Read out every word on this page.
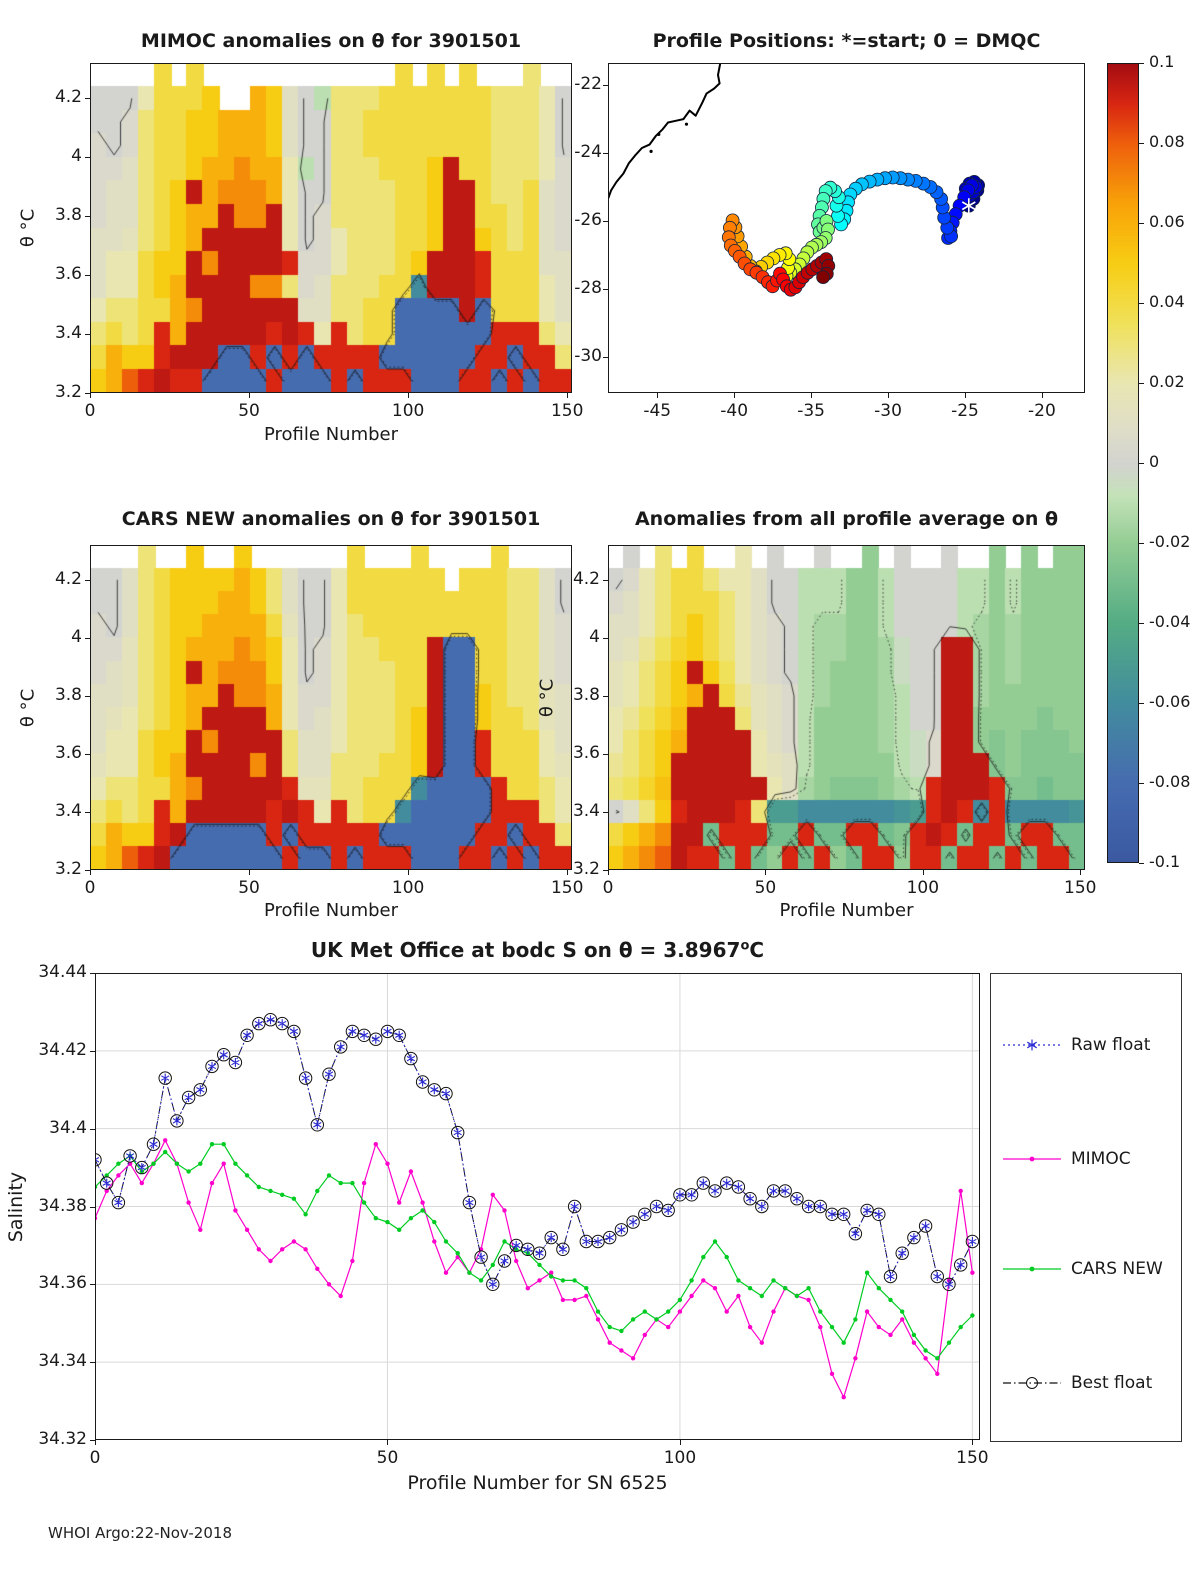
MIMOC anomalies on θ for 3901501	Profile Positions: *=start; 0 = DMQC
CARS NEW anomalies on θ for 3901501	Anomalies from all profile average on θ
UK Met Office at bodc S on $\theta = 3.8967^oC$
Profile Number
Profile Number	Profile Number
Profile Number for SN 6525
θ °C
θ °C	θ °C
Salinity
Raw float
MIMOC
CARS NEW
Best float
WHOI Argo:22-Nov-2018
0	50	100	150
4.2
4
3.8
3.6
3.4
3.2
0	50	100	150
4.2
4
3.8
3.6
3.4
3.2
0	50	100	150
4.2
4
3.8
3.6
3.4
3.2
0.1
0.08
0.06
0.04
0.02
0
-0.02
-0.04
-0.06
-0.08
-0.1
-45	-40	-35	-30	-25	-20
-22
-24
-26
-28
-30
0	50	100	150
34.44
34.42
34.4
34.38
34.36
34.34
34.32
